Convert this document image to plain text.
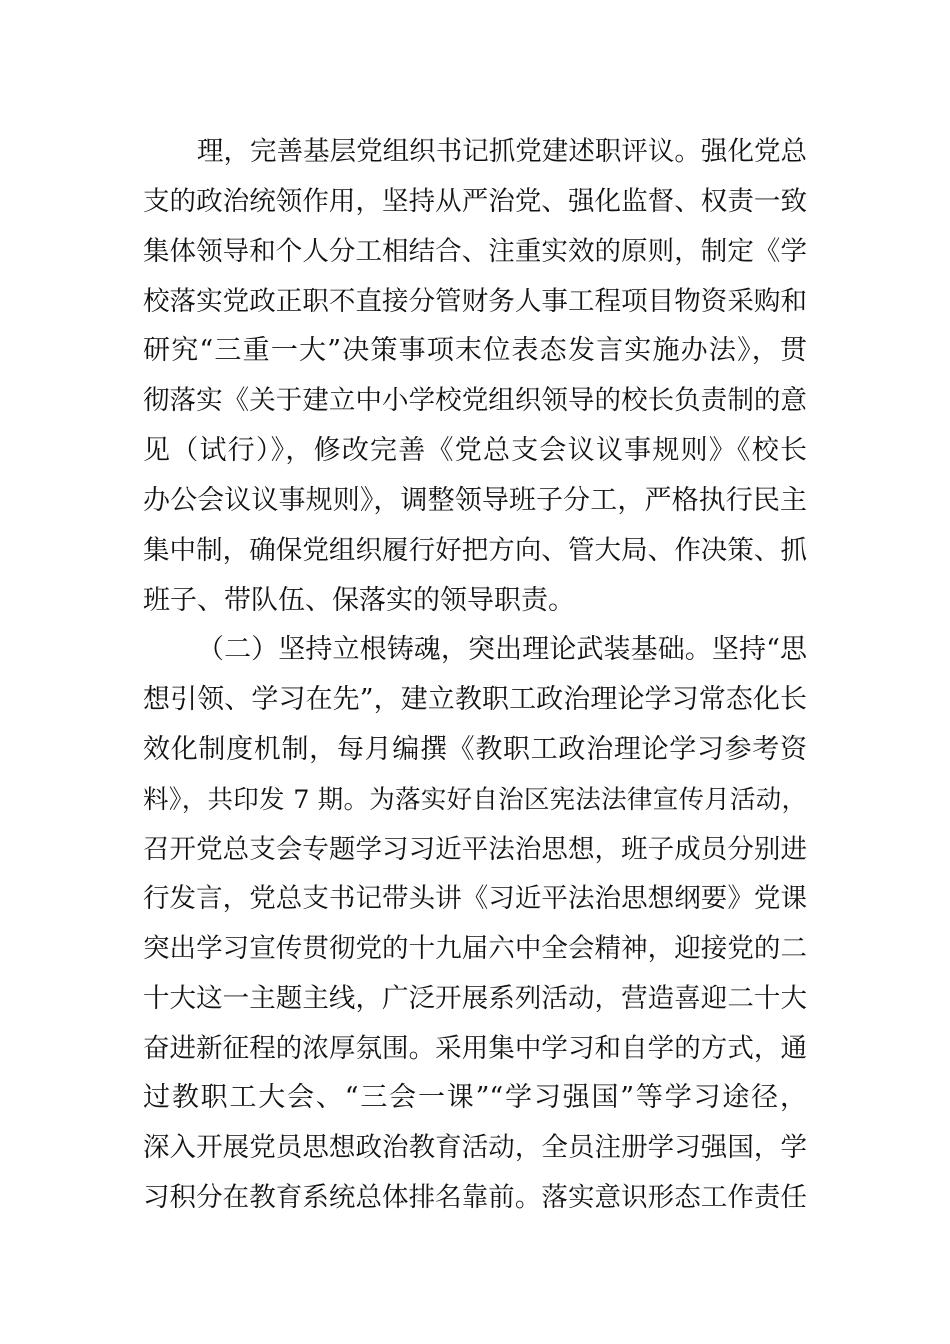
理，完善基层党组织书记抓党建述职评议。强化党总
支的政治统领作用，坚持从严治党、强化监督、权责一致
集体领导和个人分工相结合、注重实效的原则，制定《学
校落实党政正职不直接分管财务人事工程项目物资采购和
研究“三重一大”决策事项末位表态发言实施办法》，贯
彻落实《关于建立中小学校党组织领导的校长负责制的意
见（试行）》，修改完善《党总支会议议事规则》《校长
办公会议议事规则》，调整领导班子分工，严格执行民主
集中制，确保党组织履行好把方向、管大局、作决策、抓
班子、带队伍、保落实的领导职责。
（二）坚持立根铸魂，突出理论武装基础。坚持“思
想引领、学习在先”，建立教职工政治理论学习常态化长
效化制度机制，每月编撰《教职工政治理论学习参考资
料》，共印发 7 期。为落实好自治区宪法法律宣传月活动，
召开党总支会专题学习习近平法治思想，班子成员分别进
行发言，党总支书记带头讲《习近平法治思想纲要》党课
突出学习宣传贯彻党的十九届六中全会精神，迎接党的二
十大这一主题主线，广泛开展系列活动，营造喜迎二十大
奋进新征程的浓厚氛围。采用集中学习和自学的方式，通
过教职工大会、“三会一课”“学习强国”等学习途径，
深入开展党员思想政治教育活动，全员注册学习强国，学
习积分在教育系统总体排名靠前。落实意识形态工作责任
